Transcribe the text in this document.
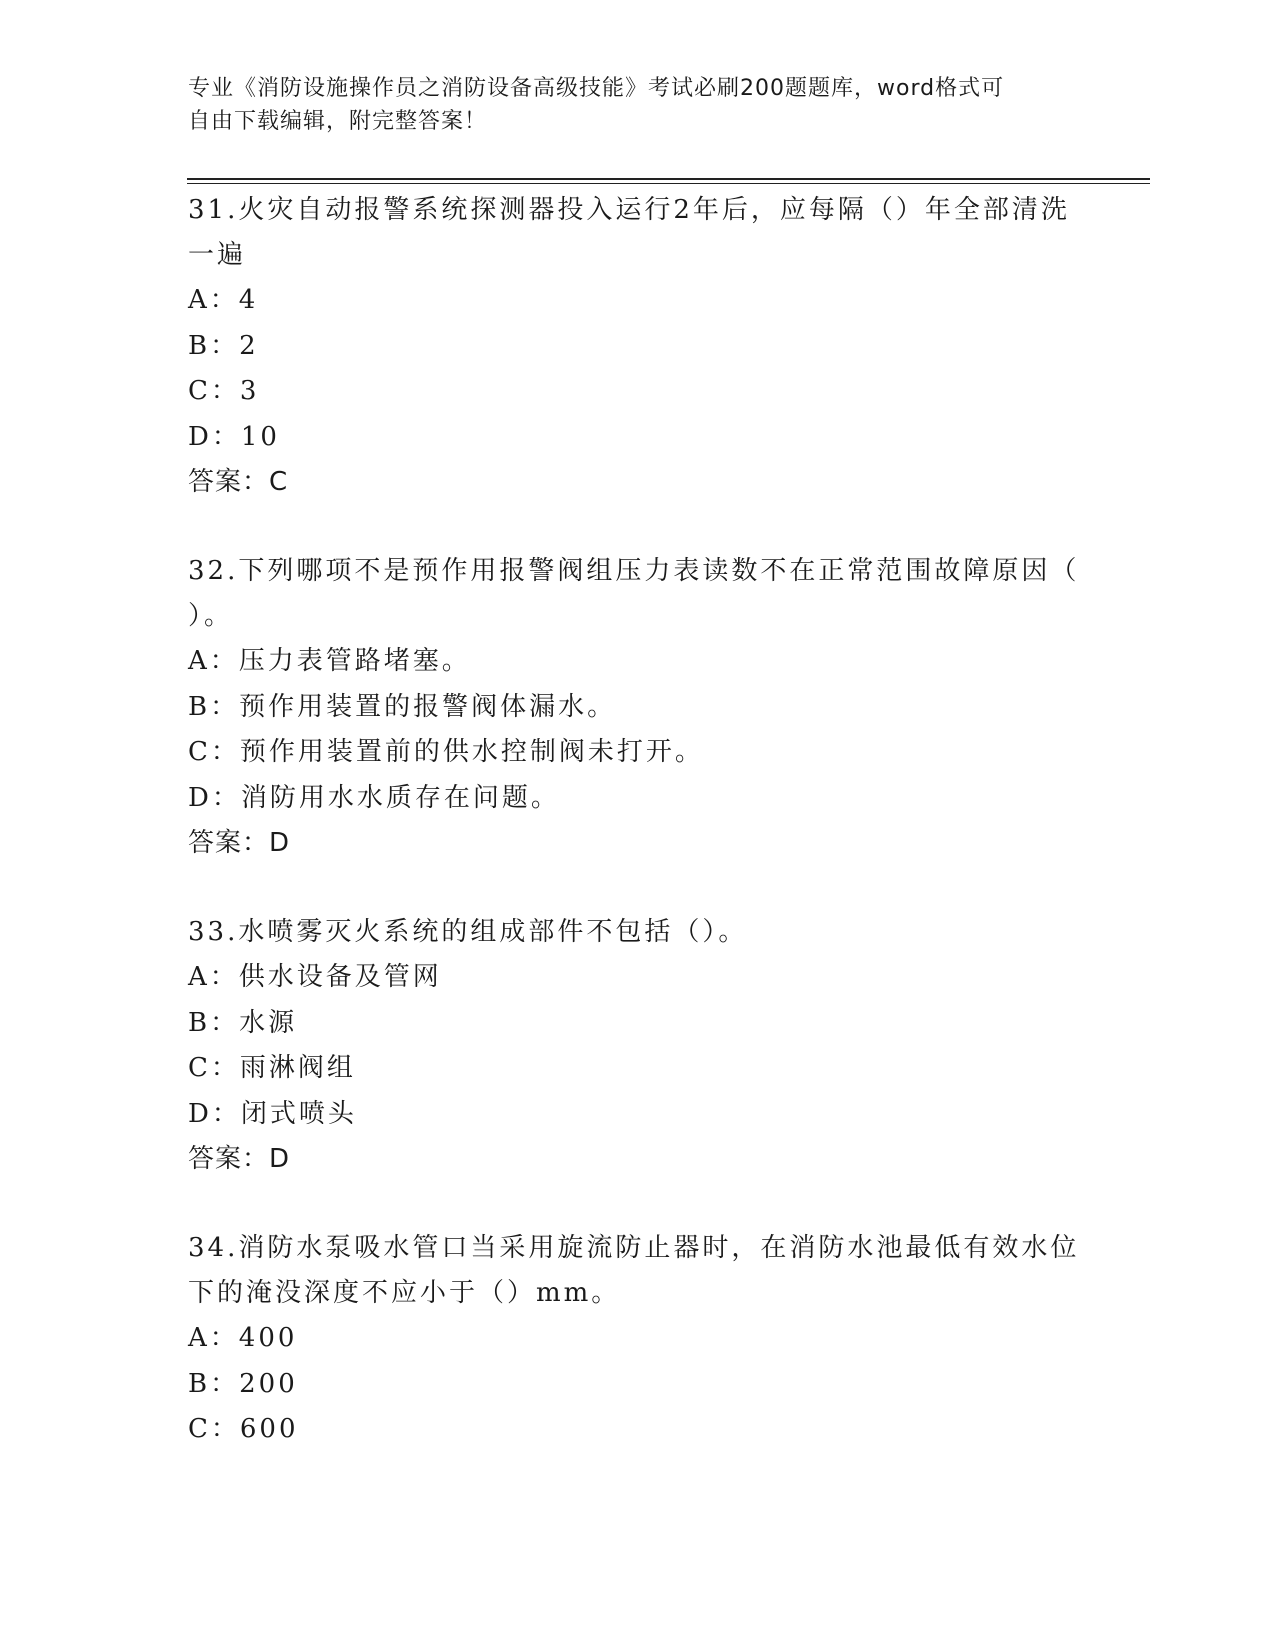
专业《消防设施操作员之消防设备高级技能》考试必刷200题题库，word格式可
自由下载编辑，附完整答案！
31.火灾自动报警系统探测器投入运行2年后，应每隔（）年全部清洗
一遍
A：4
B：2
C：3
D：10
答案：C
32.下列哪项不是预作用报警阀组压力表读数不在正常范围故障原因（
）。
A：压力表管路堵塞。
B：预作用装置的报警阀体漏水。
C：预作用装置前的供水控制阀未打开。
D：消防用水水质存在问题。
答案：D
33.水喷雾灭火系统的组成部件不包括（）。
A：供水设备及管网
B：水源
C：雨淋阀组
D：闭式喷头
答案：D
34.消防水泵吸水管口当采用旋流防止器时，在消防水池最低有效水位
下的淹没深度不应小于（）mm。
A：400
B：200
C：600
